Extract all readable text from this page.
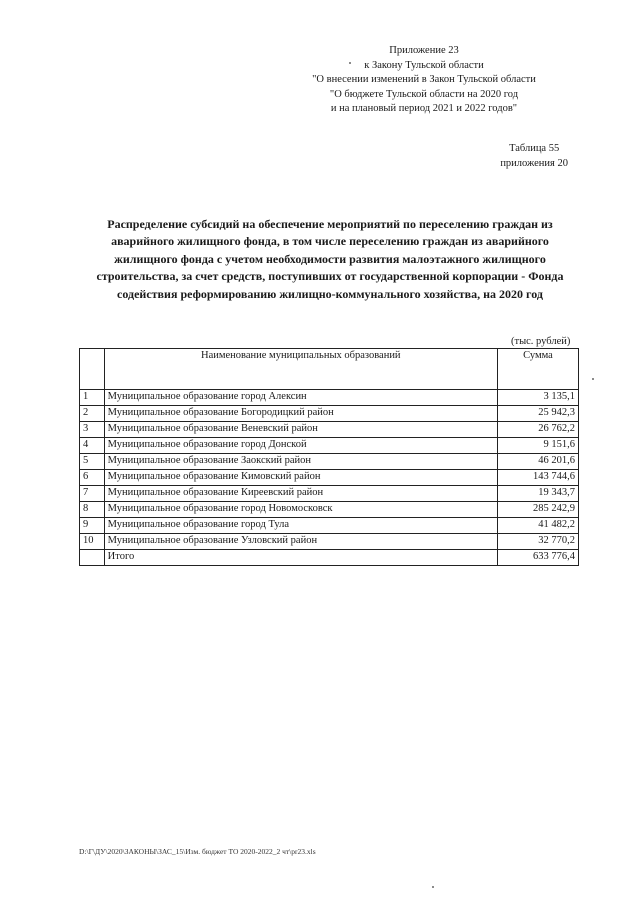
Приложение 23
к Закону Тульской области
"О внесении изменений в Закон Тульской области
"О бюджете Тульской области на 2020 год
и на плановый период 2021 и 2022 годов"
Таблица 55
приложения 20
Распределение субсидий на обеспечение мероприятий по переселению граждан из аварийного жилищного фонда, в том числе переселению граждан из аварийного жилищного фонда с учетом необходимости развития малоэтажного жилищного строительства, за счет средств, поступивших от государственной корпорации - Фонда содействия реформированию жилищно-коммунального хозяйства, на 2020 год
(тыс. рублей)
	Наименование муниципальных образований	Сумма
1	Муниципальное образование город Алексин	3 135,1
2	Муниципальное образование Богородицкий район	25 942,3
3	Муниципальное образование Веневский район	26 762,2
4	Муниципальное образование город Донской	9 151,6
5	Муниципальное образование Заокский район	46 201,6
6	Муниципальное образование Кимовский район	143 744,6
7	Муниципальное образование Киреевский район	19 343,7
8	Муниципальное образование город Новомосковск	285 242,9
9	Муниципальное образование город Тула	41 482,2
10	Муниципальное образование Узловский район	32 770,2
	Итого	633 776,4
D:\Г\ДУ\2020\ЗАКОНЫ\ЗАС_15\Изм. бюджет ТО 2020-2022_2 чт\pr23.xls
